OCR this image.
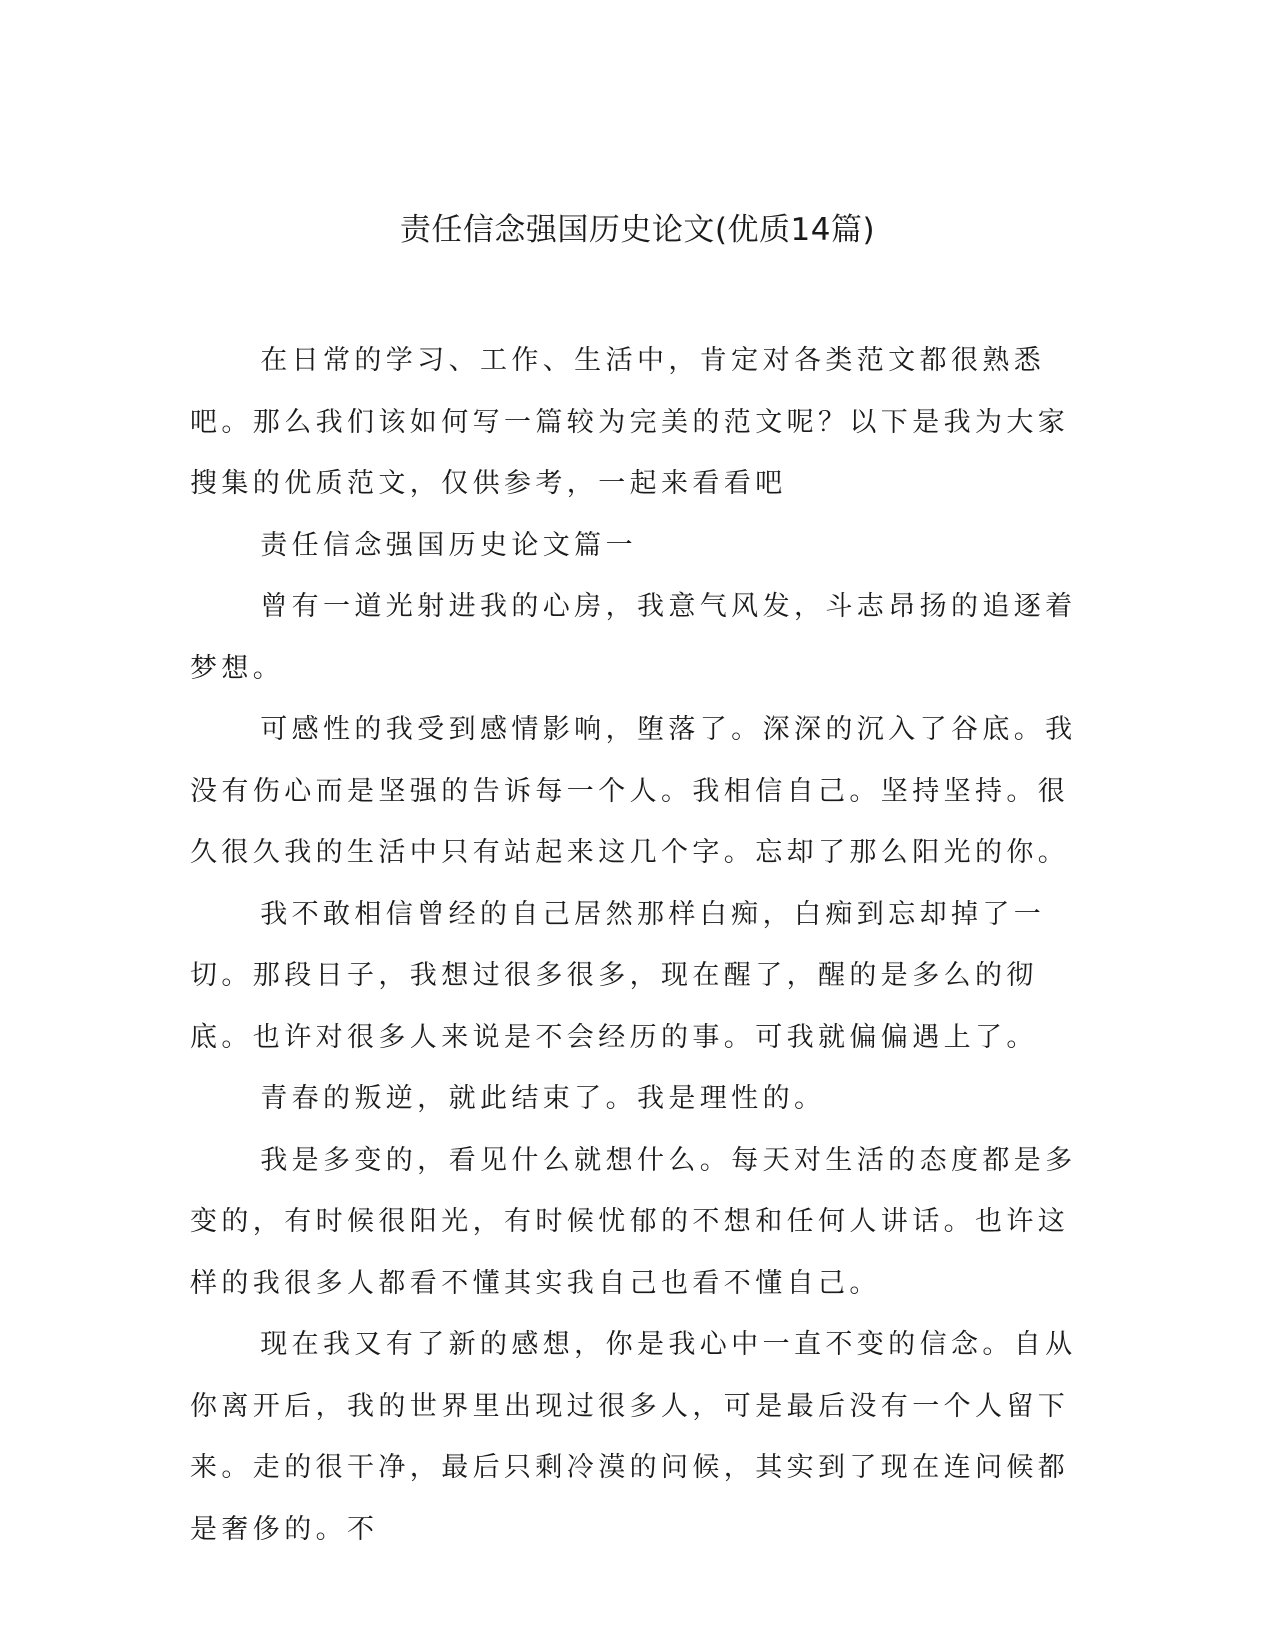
责任信念强国历史论文(优质14篇)

在日常的学习、工作、生活中，肯定对各类范文都很熟悉吧。那么我们该如何写一篇较为完美的范文呢？以下是我为大家搜集的优质范文，仅供参考，一起来看看吧

责任信念强国历史论文篇一

曾有一道光射进我的心房，我意气风发，斗志昂扬的追逐着梦想。

可感性的我受到感情影响，堕落了。深深的沉入了谷底。我没有伤心而是坚强的告诉每一个人。我相信自己。坚持坚持。很久很久我的生活中只有站起来这几个字。忘却了那么阳光的你。

我不敢相信曾经的自己居然那样白痴，白痴到忘却掉了一切。那段日子，我想过很多很多，现在醒了，醒的是多么的彻底。也许对很多人来说是不会经历的事。可我就偏偏遇上了。

青春的叛逆，就此结束了。我是理性的。

我是多变的，看见什么就想什么。每天对生活的态度都是多变的，有时候很阳光，有时候忧郁的不想和任何人讲话。也许这样的我很多人都看不懂其实我自己也看不懂自己。

现在我又有了新的感想，你是我心中一直不变的信念。自从你离开后，我的世界里出现过很多人，可是最后没有一个人留下来。走的很干净，最后只剩冷漠的问候，其实到了现在连问候都是奢侈的。不
